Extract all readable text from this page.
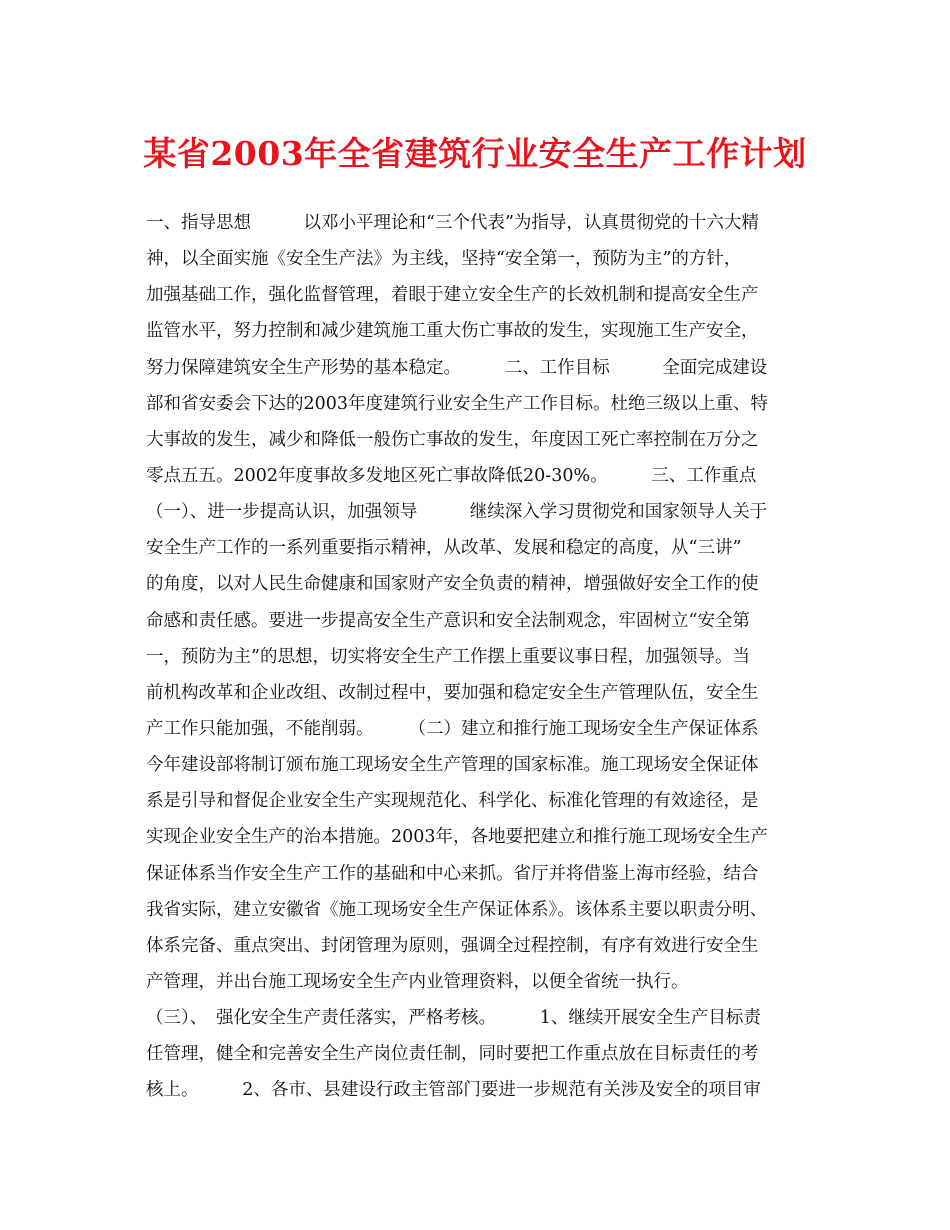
某省2003年全省建筑行业安全生产工作计划
一、指导思想　　　以邓小平理论和“三个代表”为指导，认真贯彻党的十六大精
神，以全面实施《安全生产法》为主线，坚持“安全第一，预防为主”的方针，
加强基础工作，强化监督管理，着眼于建立安全生产的长效机制和提高安全生产
监管水平，努力控制和减少建筑施工重大伤亡事故的发生，实现施工生产安全，
努力保障建筑安全生产形势的基本稳定。　　　二、工作目标　　　全面完成建设
部和省安委会下达的2003年度建筑行业安全生产工作目标。杜绝三级以上重、特
大事故的发生，减少和降低一般伤亡事故的发生，年度因工死亡率控制在万分之
零点五五。2002年度事故多发地区死亡事故降低20-30%。　　　三、工作重点
（一）、进一步提高认识，加强领导　　　继续深入学习贯彻党和国家领导人关于
安全生产工作的一系列重要指示精神，从改革、发展和稳定的高度，从“三讲”
的角度，以对人民生命健康和国家财产安全负责的精神，增强做好安全工作的使
命感和责任感。要进一步提高安全生产意识和安全法制观念，牢固树立“安全第
一，预防为主”的思想，切实将安全生产工作摆上重要议事日程，加强领导。当
前机构改革和企业改组、改制过程中，要加强和稳定安全生产管理队伍，安全生
产工作只能加强，不能削弱。　　　（二）建立和推行施工现场安全生产保证体系
今年建设部将制订颁布施工现场安全生产管理的国家标准。施工现场安全保证体
系是引导和督促企业安全生产实现规范化、科学化、标准化管理的有效途径，是
实现企业安全生产的治本措施。2003年，各地要把建立和推行施工现场安全生产
保证体系当作安全生产工作的基础和中心来抓。省厅并将借鉴上海市经验，结合
我省实际，建立安徽省《施工现场安全生产保证体系》。该体系主要以职责分明、
体系完备、重点突出、封闭管理为原则，强调全过程控制，有序有效进行安全生
产管理，并出台施工现场安全生产内业管理资料，以便全省统一执行。
（三）、　强化安全生产责任落实，严格考核。　　　1、继续开展安全生产目标责
任管理，健全和完善安全生产岗位责任制，同时要把工作重点放在目标责任的考
核上。　　　2、各市、县建设行政主管部门要进一步规范有关涉及安全的项目审
